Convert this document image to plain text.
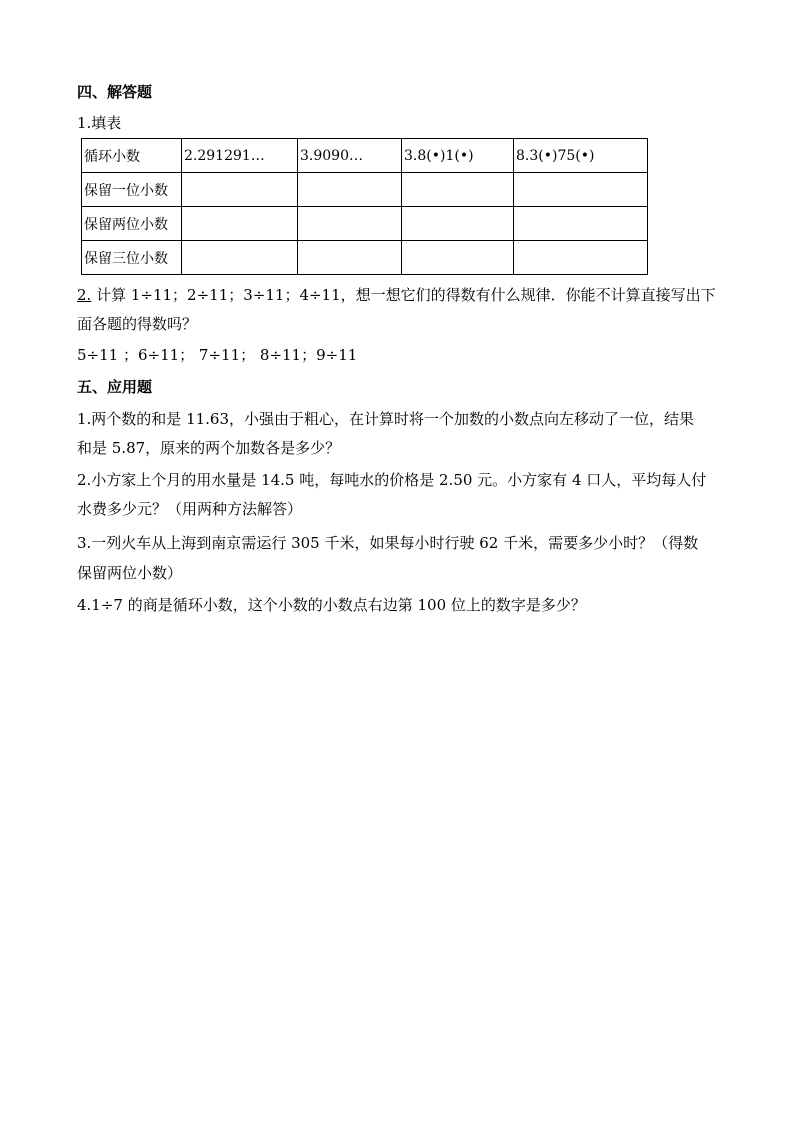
四、解答题
1.填表
循环小数	2.291291…	3.9090…	3.8(•)1(•)	8.3(•)75(•)
保留一位小数				
保留两位小数				
保留三位小数				
2. 计算 1÷11；2÷11；3÷11；4÷11，想一想它们的得数有什么规律．你能不计算直接写出下
面各题的得数吗？
5÷11 ；6÷11； 7÷11； 8÷11；9÷11
五、应用题
1.两个数的和是 11.63，小强由于粗心，在计算时将一个加数的小数点向左移动了一位，结果
和是 5.87，原来的两个加数各是多少？
2.小方家上个月的用水量是 14.5 吨，每吨水的价格是 2.50 元。小方家有 4 口人，平均每人付
水费多少元？（用两种方法解答）
3.一列火车从上海到南京需运行 305 千米，如果每小时行驶 62 千米，需要多少小时？（得数
保留两位小数）
4.1÷7 的商是循环小数，这个小数的小数点右边第 100 位上的数字是多少？
